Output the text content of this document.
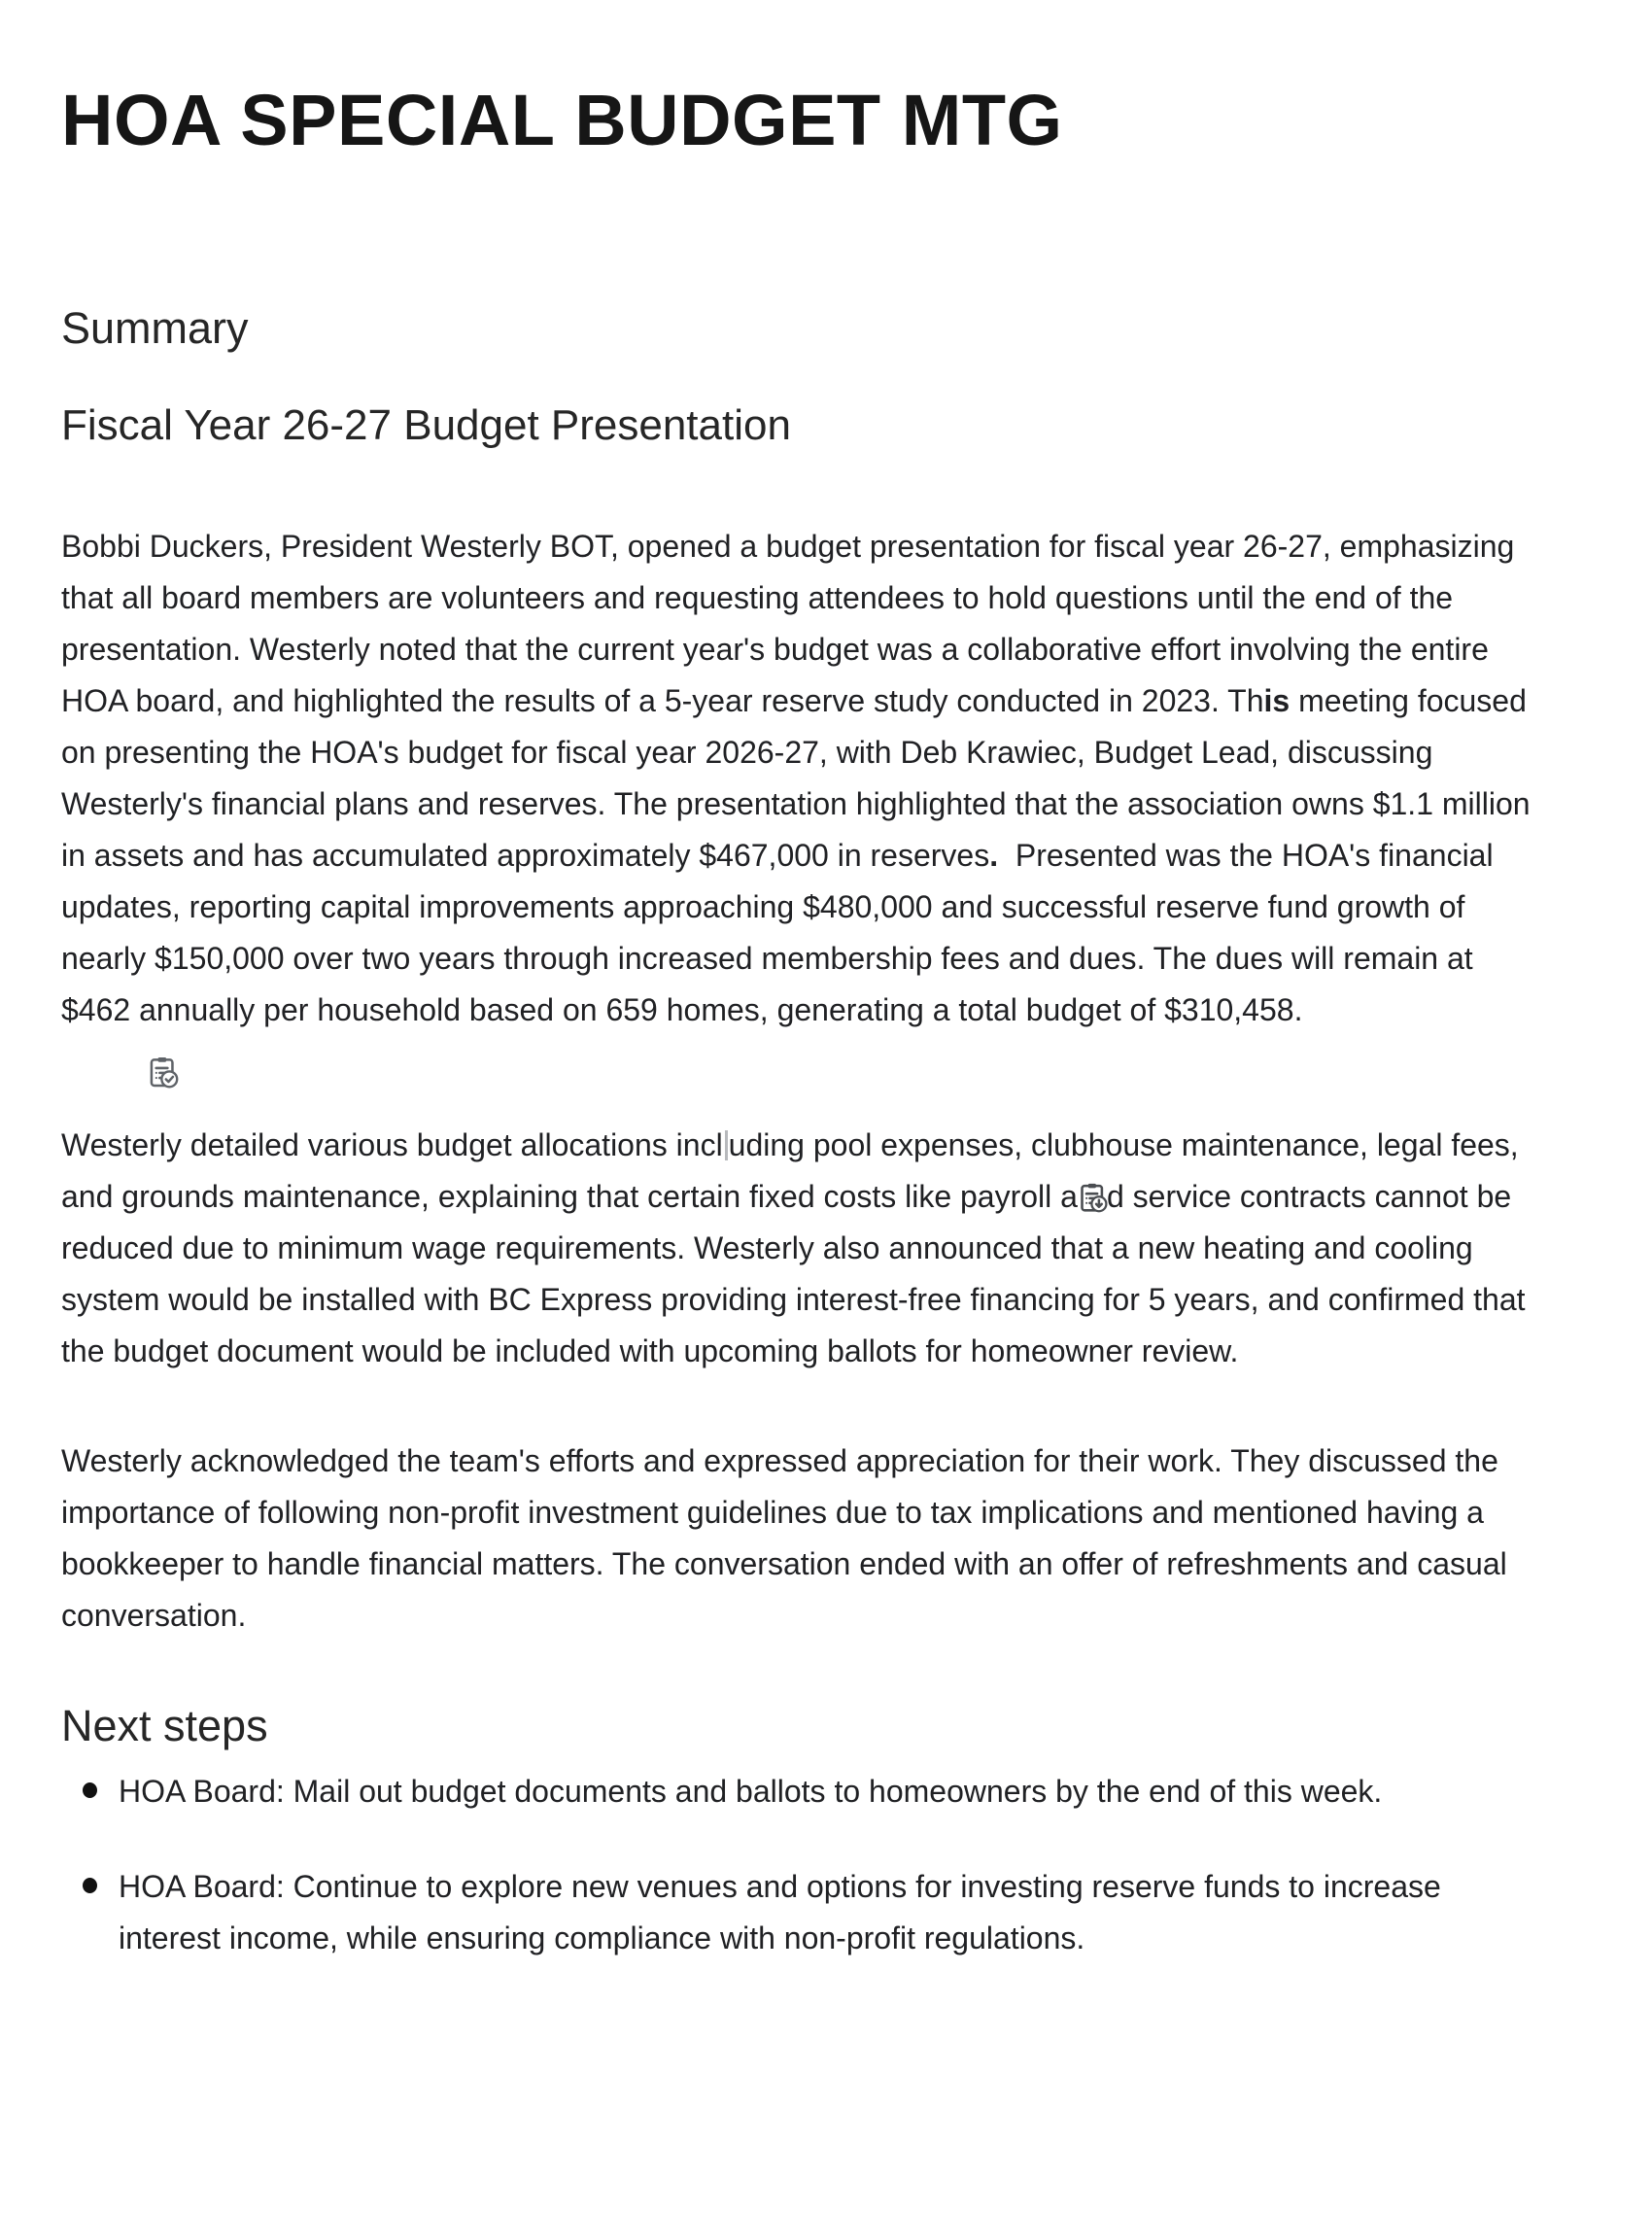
HOA SPECIAL BUDGET MTG
Summary
Fiscal Year 26-27 Budget Presentation

Bobbi Duckers, President Westerly BOT, opened a budget presentation for fiscal year 26-27, emphasizing that all board members are volunteers and requesting attendees to hold questions until the end of the presentation. Westerly noted that the current year's budget was a collaborative effort involving the entire HOA board, and highlighted the results of a 5-year reserve study conducted in 2023. This meeting focused on presenting the HOA's budget for fiscal year 2026-27, with Deb Krawiec, Budget Lead, discussing Westerly's financial plans and reserves. The presentation highlighted that the association owns $1.1 million in assets and has accumulated approximately $467,000 in reserves.  Presented was the HOA's financial updates, reporting capital improvements approaching $480,000 and successful reserve fund growth of nearly $150,000 over two years through increased membership fees and dues. The dues will remain at $462 annually per household based on 659 homes, generating a total budget of $310,458.

Westerly detailed various budget allocations incl uding pool expenses, clubhouse maintenance, legal fees, and grounds maintenance, explaining that certain fixed costs like payroll a d service contracts cannot be reduced due to minimum wage requirements. Westerly also announced that a new heating and cooling system would be installed with BC Express providing interest-free financing for 5 years, and confirmed that the budget document would be included with upcoming ballots for homeowner review.

Westerly acknowledged the team's efforts and expressed appreciation for their work. They discussed the importance of following non-profit investment guidelines due to tax implications and mentioned having a bookkeeper to handle financial matters. The conversation ended with an offer of refreshments and casual conversation.

Next steps
HOA Board: Mail out budget documents and ballots to homeowners by the end of this week.
HOA Board: Continue to explore new venues and options for investing reserve funds to increase interest income, while ensuring compliance with non-profit regulations.
